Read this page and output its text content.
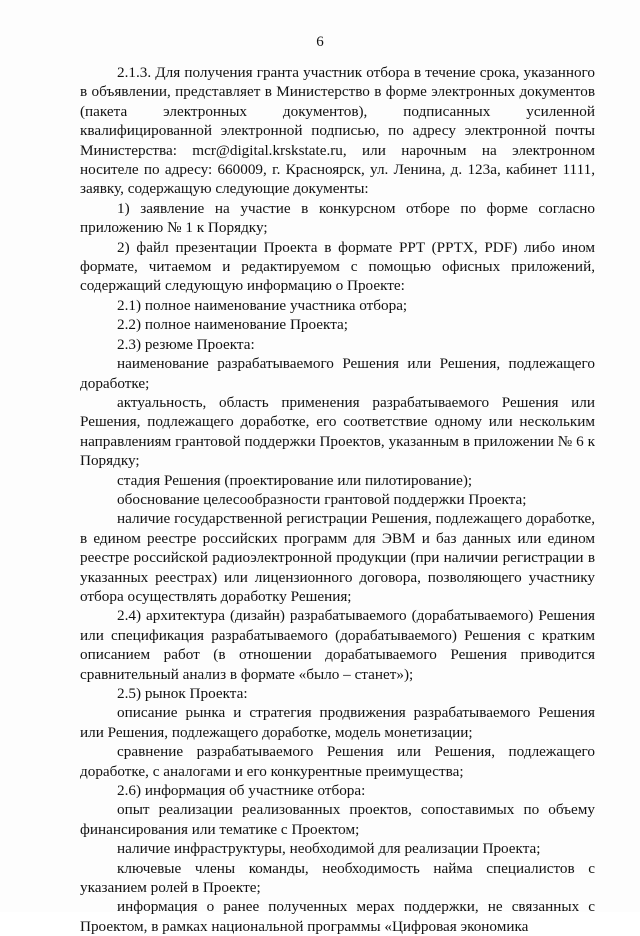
6

2.1.3. Для получения гранта участник отбора в течение срока, указанного в объявлении, представляет в Министерство в форме электронных документов (пакета электронных документов), подписанных усиленной квалифицированной электронной подписью, по адресу электронной почты Министерства: mcr@digital.krskstate.ru, или нарочным на электронном носителе по адресу: 660009, г. Красноярск, ул. Ленина, д. 123а, кабинет 1111, заявку, содержащую следующие документы:

1) заявление на участие в конкурсном отборе по форме согласно приложению № 1 к Порядку;

2) файл презентации Проекта в формате PPT (PPTX, PDF) либо ином формате, читаемом и редактируемом с помощью офисных приложений, содержащий следующую информацию о Проекте:

2.1) полное наименование участника отбора;

2.2) полное наименование Проекта;

2.3) резюме Проекта:

наименование разрабатываемого Решения или Решения, подлежащего доработке;

актуальность, область применения разрабатываемого Решения или Решения, подлежащего доработке, его соответствие одному или нескольким направлениям грантовой поддержки Проектов, указанным в приложении № 6 к Порядку;

стадия Решения (проектирование или пилотирование);

обоснование целесообразности грантовой поддержки Проекта;

наличие государственной регистрации Решения, подлежащего доработке, в едином реестре российских программ для ЭВМ и баз данных или едином реестре российской радиоэлектронной продукции (при наличии регистрации в указанных реестрах) или лицензионного договора, позволяющего участнику отбора осуществлять доработку Решения;

2.4) архитектура (дизайн) разрабатываемого (дорабатываемого) Решения или спецификация разрабатываемого (дорабатываемого) Решения с кратким описанием работ (в отношении дорабатываемого Решения приводится сравнительный анализ в формате «было – станет»);

2.5) рынок Проекта:

описание рынка и стратегия продвижения разрабатываемого Решения или Решения, подлежащего доработке, модель монетизации;

сравнение разрабатываемого Решения или Решения, подлежащего доработке, с аналогами и его конкурентные преимущества;

2.6) информация об участнике отбора:

опыт реализации реализованных проектов, сопоставимых по объему финансирования или тематике с Проектом;

наличие инфраструктуры, необходимой для реализации Проекта;

ключевые члены команды, необходимость найма специалистов с указанием ролей в Проекте;

информация о ранее полученных мерах поддержки, не связанных с Проектом, в рамках национальной программы «Цифровая экономика
